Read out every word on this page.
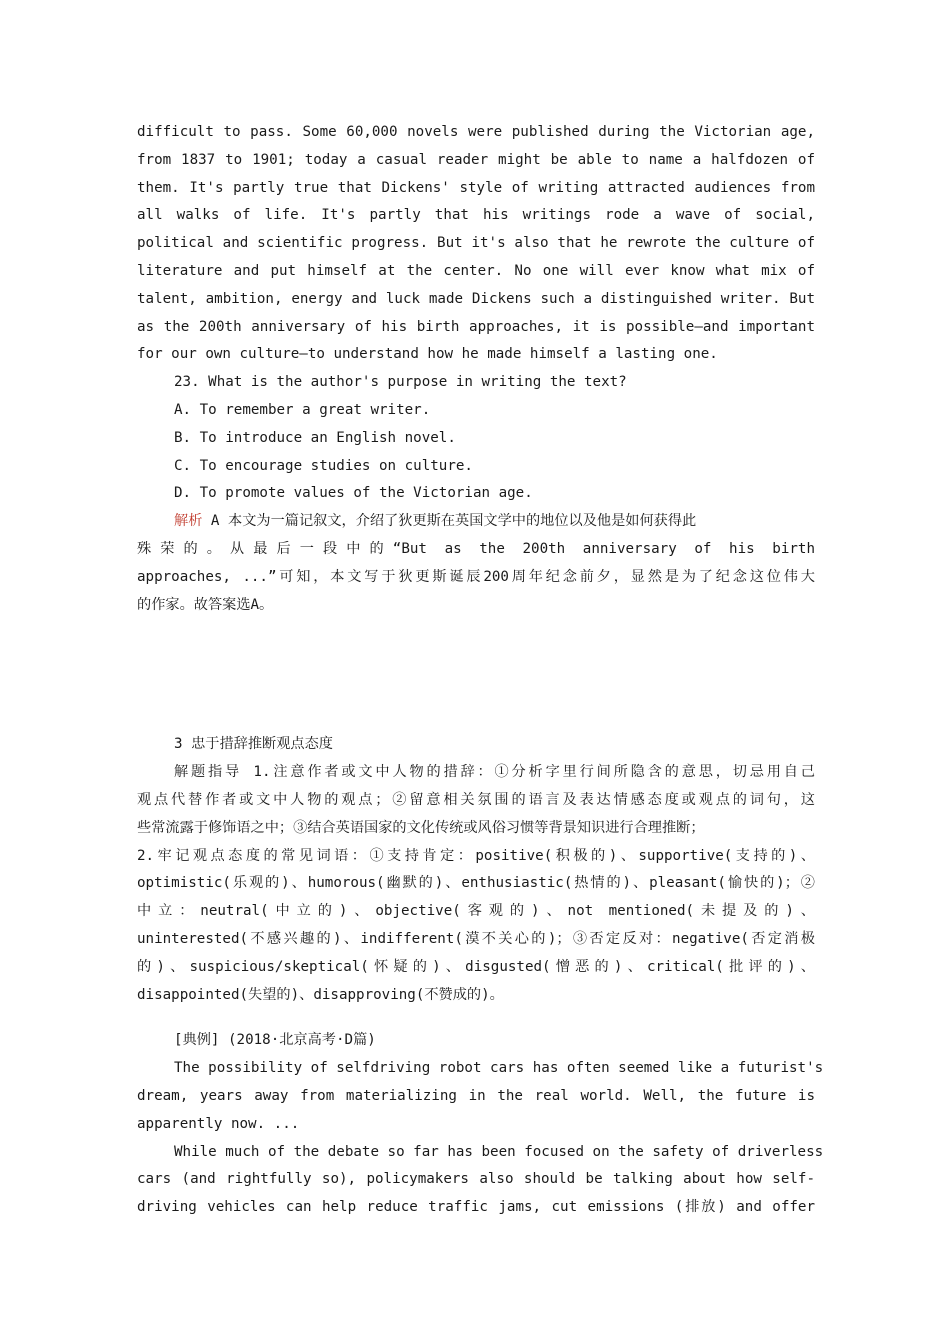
difficult to pass. Some 60,000 novels were published during the Victorian age,
from 1837 to 1901; today a casual reader might be able to name a halfdozen of
them. It's partly true that Dickens' style of writing attracted audiences from
all walks of life. It's partly that his writings rode a wave of social,
political and scientific progress. But it's also that he rewrote the culture of
literature and put himself at the center. No one will ever know what mix of
talent, ambition, energy and luck made Dickens such a distinguished writer. But
as the 200th anniversary of his birth approaches, it is possible—and important
for our own culture—to understand how he made himself a lasting one.
23. What is the author's purpose in writing the text?
A. To remember a great writer.
B. To introduce an English novel.
C. To encourage studies on culture.
D. To promote values of the Victorian age.
解析 A 本文为一篇记叙文，介绍了狄更斯在英国文学中的地位以及他是如何获得此
殊荣的。从最后一段中的“But as the 200th anniversary of his birth
approaches, ...”可知，本文写于狄更斯诞辰200周年纪念前夕，显然是为了纪念这位伟大
的作家。故答案选A。
3 忠于措辞推断观点态度
解题指导 1.注意作者或文中人物的措辞：①分析字里行间所隐含的意思，切忌用自己
观点代替作者或文中人物的观点；②留意相关氛围的语言及表达情感态度或观点的词句，这
些常流露于修饰语之中；③结合英语国家的文化传统或风俗习惯等背景知识进行合理推断；
2.牢记观点态度的常见词语：①支持肯定：positive(积极的)、supportive(支持的)、
optimistic(乐观的)、humorous(幽默的)、enthusiastic(热情的)、pleasant(愉快的)；②
中立：neutral(中立的)、objective(客观的)、not mentioned(未提及的)、
uninterested(不感兴趣的)、indifferent(漠不关心的)；③否定反对：negative(否定消极
的)、suspicious/skeptical(怀疑的)、disgusted(憎恶的)、critical(批评的)、
disappointed(失望的)、disapproving(不赞成的)。
[典例] (2018·北京高考·D篇)
The possibility of selfdriving robot cars has often seemed like a futurist's
dream, years away from materializing in the real world. Well, the future is
apparently now. ...
While much of the debate so far has been focused on the safety of driverless
cars (and rightfully so), policymakers also should be talking about how self-
driving vehicles can help reduce traffic jams, cut emissions (排放) and offer
